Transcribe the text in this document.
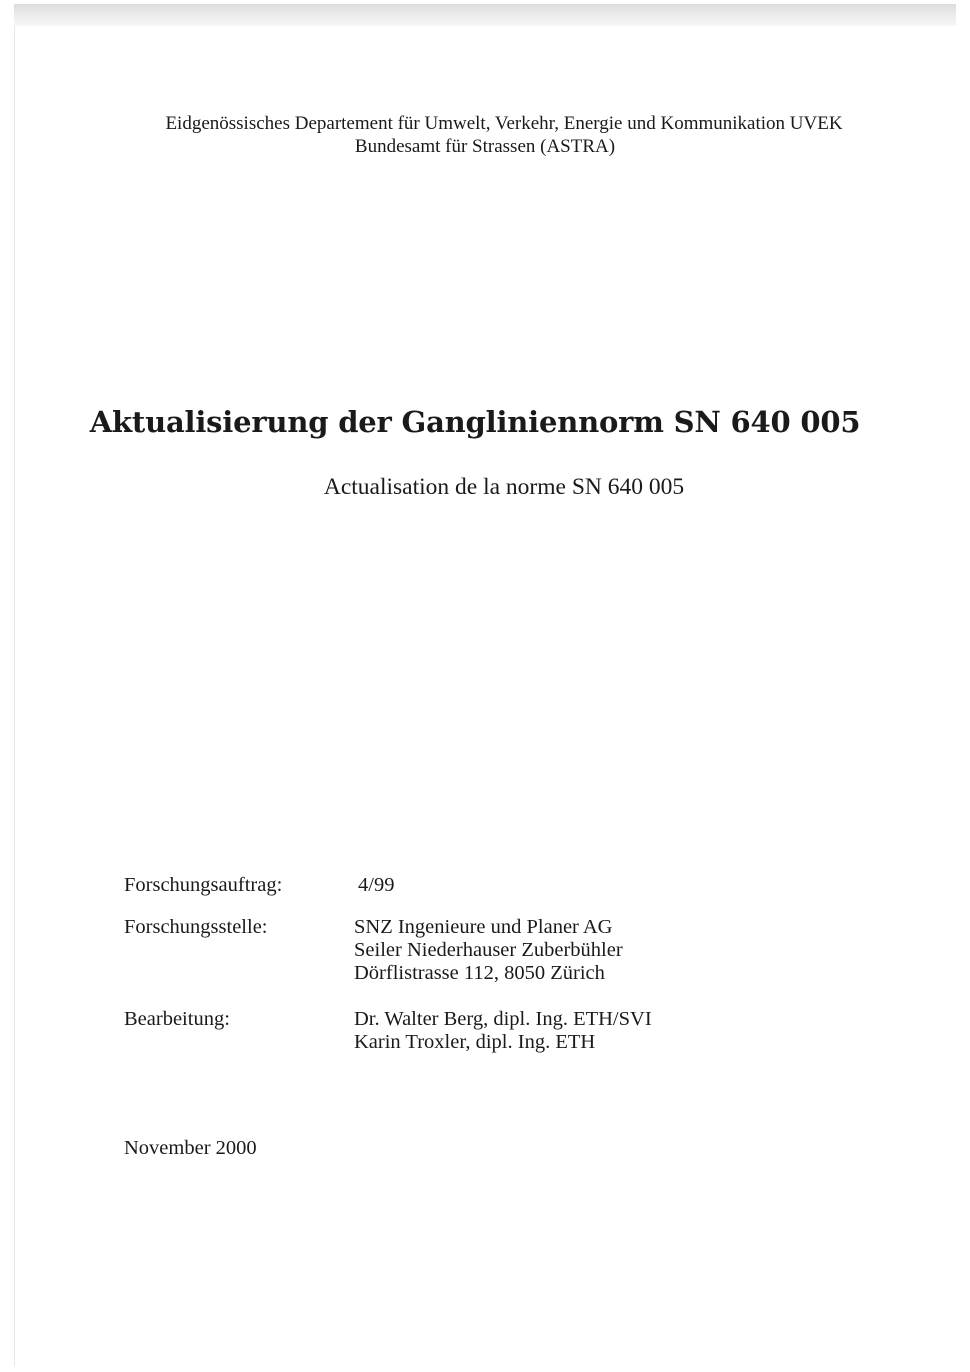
Eidgenössisches Departement für Umwelt, Verkehr, Energie und Kommunikation UVEK
Bundesamt für Strassen (ASTRA)
Aktualisierung der Gangliniennorm SN 640 005
Actualisation de la norme SN 640 005
Forschungsauftrag:	4/99
Forschungsstelle:	SNZ Ingenieure und Planer AG
Seiler Niederhauser Zuberbühler
Dörflistrasse 112, 8050 Zürich
Bearbeitung:	Dr. Walter Berg, dipl. Ing. ETH/SVI
Karin Troxler, dipl. Ing. ETH
November 2000
